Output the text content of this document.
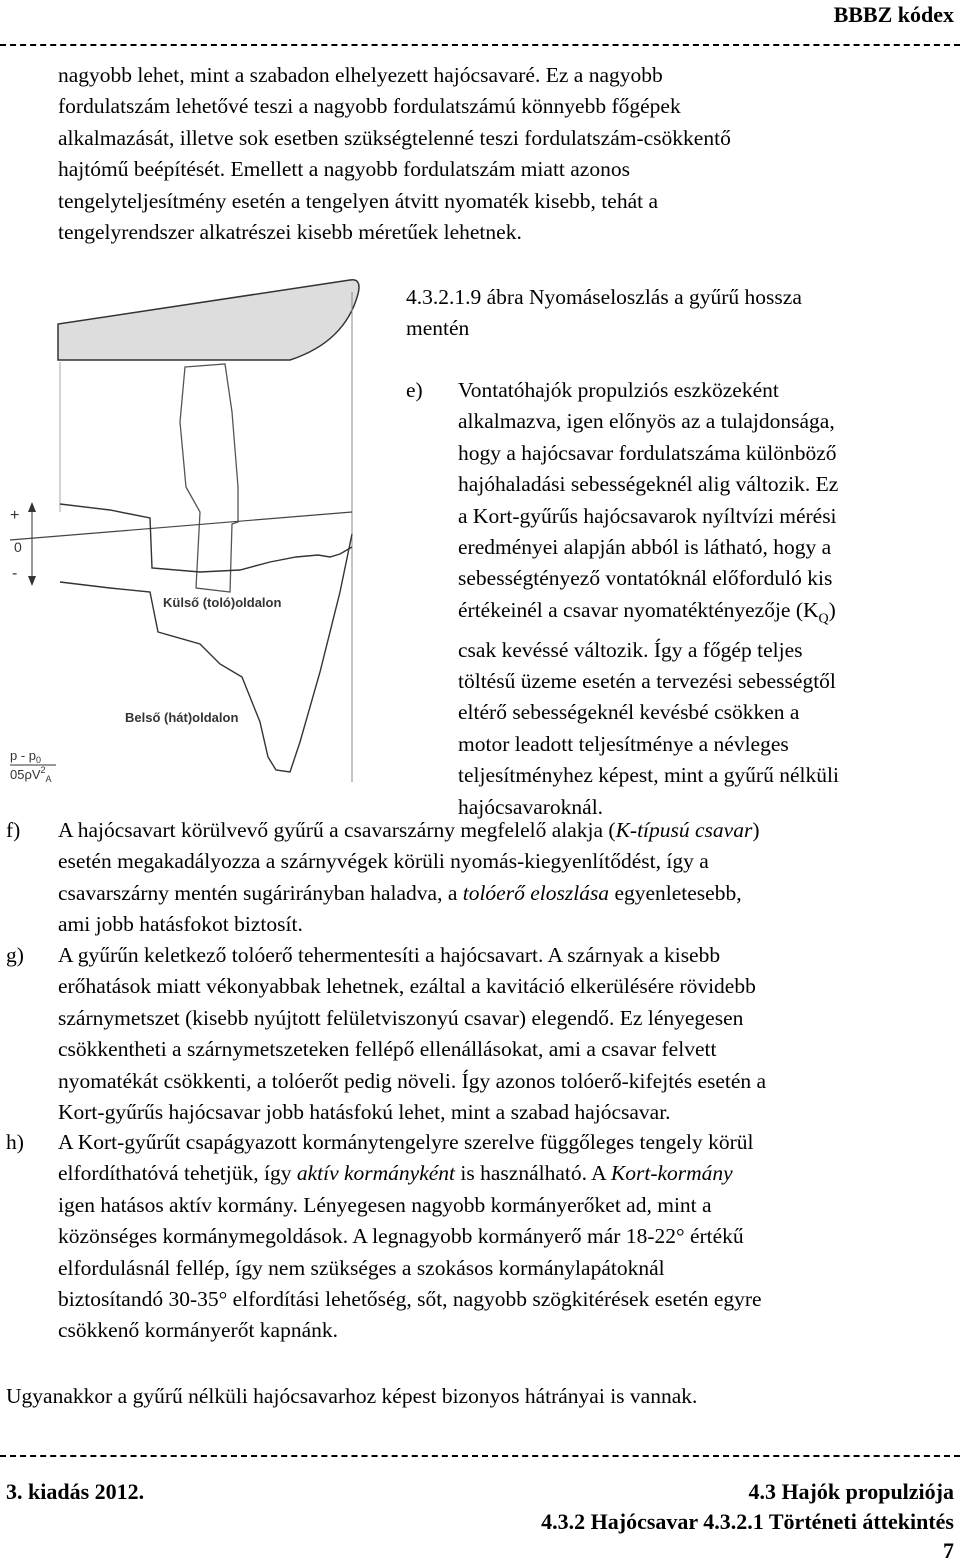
BBBZ kódex

nagyobb lehet, mint a szabadon elhelyezett hajócsavaré. Ez a nagyobb

fordulatszám lehetővé teszi a nagyobb fordulatszámú könnyebb főgépek

alkalmazását, illetve sok esetben szükségtelenné teszi fordulatszám-csökkentő

hajtómű beépítését. Emellett a nagyobb fordulatszám miatt azonos

tengelyteljesítmény esetén a tengelyen átvitt nyomaték kisebb, tehát a

tengelyrendszer alkatrészei kisebb méretűek lehetnek.

+
0
-
Külső (toló)oldalon
Belső (hát)oldalon
p - $p_0$
$05\rho V^2_A$
4.3.2.1.9 ábra Nyomáseloszlás a gyűrű hossza
mentén
e) Vontatóhajók propulziós eszközeként
alkalmazva, igen előnyös az a tulajdonsága,
hogy a hajócsavar fordulatszáma különböző
hajóhaladási sebességeknél alig változik. Ez
a Kort-gyűrűs hajócsavarok nyíltvízi mérési
eredményei alapján abból is látható, hogy a
sebességtényező vontatóknál előforduló kis
értékeinél a csavar nyomatéktényezője $(K_Q)$
csak kevéssé változik. Így a főgép teljes
töltésű üzeme esetén a tervezési sebességtől
eltérő sebességeknél kevésbé csökken a
motor leadott teljesítménye a névleges
teljesítményhez képest, mint a gyűrű nélküli
hajócsavaroknál.
f) A hajócsavart körülvevő gyűrű a csavarszárny megfelelő alakja (K-típusú csavar)
esetén megakadályozza a szárnyvégek körüli nyomás-kiegyenlítődést, így a
csavarszárny mentén sugárirányban haladva, a tolóerő eloszlása egyenletesebb,
ami jobb hatásfokot biztosít.
g) A gyűrűn keletkező tolóerő tehermentesíti a hajócsavart. A szárnyak a kisebb
erőhatások miatt vékonyabbak lehetnek, ezáltal a kavitáció elkerülésére rövidebb
szárnymetszet (kisebb nyújtott felületviszonyú csavar) elegendő. Ez lényegesen
csökkentheti a szárnymetszeteken fellépő ellenállásokat, ami a csavar felvett
nyomatékát csökkenti, a tolóerőt pedig növeli. Így azonos tolóerő-kifejtés esetén a
Kort-gyűrűs hajócsavar jobb hatásfokú lehet, mint a szabad hajócsavar.
h) A Kort-gyűrűt csapágyazott kormánytengelyre szerelve függőleges tengely körül
elfordíthatóvá tehetjük, így aktív kormányként is használható. A Kort-kormány
igen hatásos aktív kormány. Lényegesen nagyobb kormányerőket ad, mint a
közönséges kormánymegoldások. A legnagyobb kormányerő már 18-22° értékű
elfordulásnál fellép, így nem szükséges a szokásos kormánylapátoknál
biztosítandó 30-35° elfordítási lehetőség, sőt, nagyobb szögkitérések esetén egyre
csökkenő kormányerőt kapnánk.
Ugyanakkor a gyűrű nélküli hajócsavarhoz képest bizonyos hátrányai is vannak.
3. kiadás 2012.	4.3 Hajók propulziója
4.3.2 Hajócsavar 4.3.2.1 Történeti áttekintés
7
